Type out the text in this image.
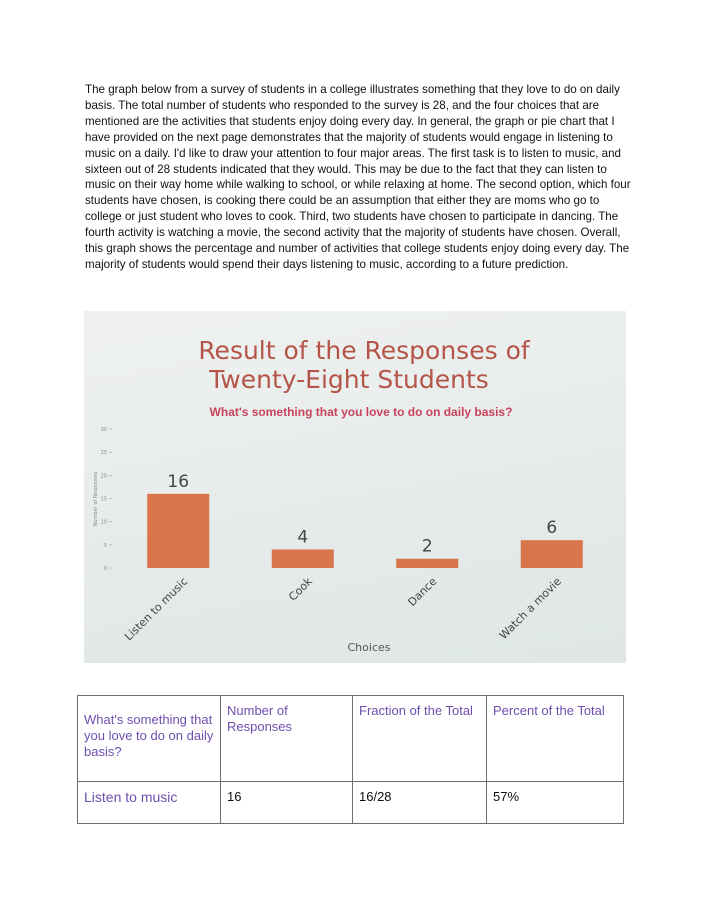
The graph below from a survey of students in a college illustrates something that they love to do on daily basis. The total number of students who responded to the survey is 28, and the four choices that are mentioned are the activities that students enjoy doing every day. In general, the graph or pie chart that I have provided on the next page demonstrates that the majority of students would engage in listening to music on a daily. I'd like to draw your attention to four major areas. The first task is to listen to music, and sixteen out of 28 students indicated that they would. This may be due to the fact that they can listen to music on their way home while walking to school, or while relaxing at home. The second option, which four students have chosen, is cooking there could be an assumption that either they are moms who go to college or just student who loves to cook. Third, two students have chosen to participate in dancing. The fourth activity is watching a movie, the second activity that the majority of students have chosen. Overall, this graph shows the percentage and number of activities that college students enjoy doing every day. The majority of students would spend their days listening to music, according to a future prediction.

Result of the Responses of
Twenty-Eight Students
What's something that you love to do on daily basis?
Number of Responses
Choices
0
5
10
15
20
25
30
16
Listen to music
4
Cook
2
Dance
6
Watch a movie
What's something that you love to do on daily basis?	Number of Responses	Fraction of the Total	Percent of the Total
Listen to music	16	16/28	57%
